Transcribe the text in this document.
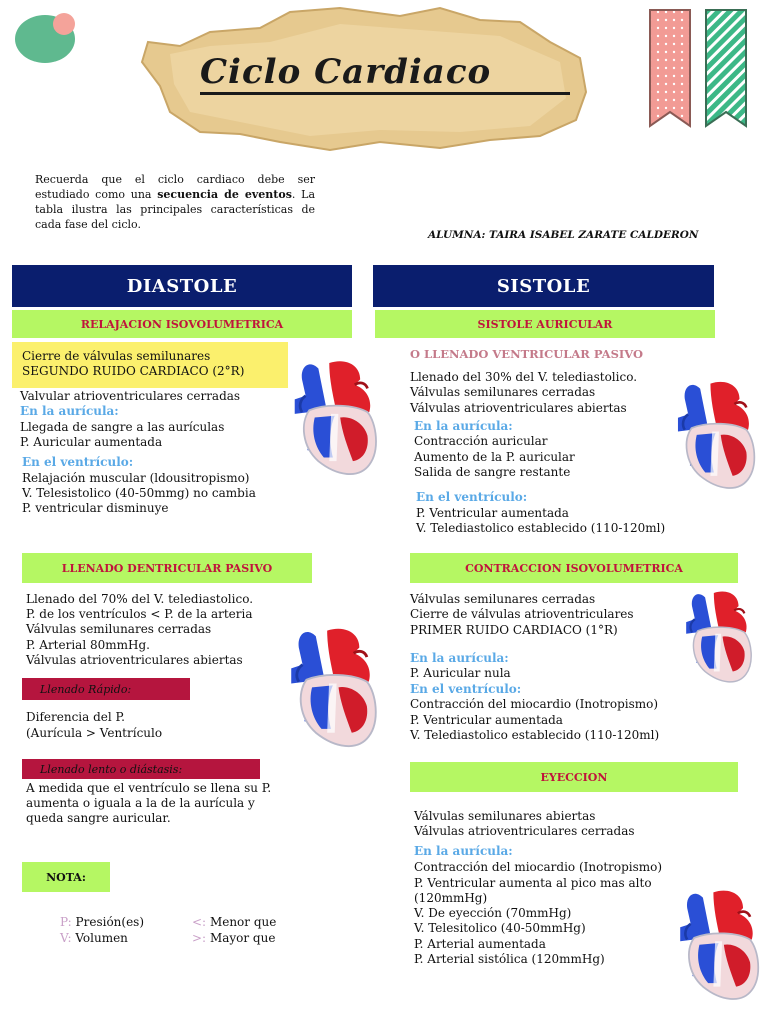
Ciclo Cardiaco
Recuerda que el ciclo cardiaco debe ser estudiado como una secuencia de eventos. La tabla ilustra las principales características de cada fase del ciclo.
ALUMNA: TAIRA ISABEL ZARATE CALDERON
DIASTOLE	SISTOLE
RELAJACION ISOVOLUMETRICA
Cierre de válvulas semilunares
SEGUNDO RUIDO CARDIACO (2°R)
Valvular atrioventriculares cerradas
En la aurícula:
Llegada de sangre a las aurículas
P. Auricular aumentada
En el ventrículo:
Relajación muscular (ldousitropismo)
V. Telesistolico (40-50mmg) no cambia
P. ventricular disminuye
LLENADO DENTRICULAR PASIVO
Llenado del 70% del V. telediastolico.
P. de los ventrículos < P. de la arteria
Válvulas semilunares cerradas
P. Arterial 80mmHg.
Válvulas atrioventriculares abiertas
Llenado Rápido:
Diferencia del P.
(Aurícula > Ventrículo
Llenado lento o diástasis:
A medida que el ventrículo se llena su P.
aumenta o iguala a la de la aurícula y
queda sangre auricular.
NOTA:
P: Presión(es)
V: Volumen
<: Menor que
>: Mayor que
SISTOLE AURICULAR
O LLENADO VENTRICULAR PASIVO
Llenado del 30% del V. telediastolico.
Válvulas semilunares cerradas
Válvulas atrioventriculares abiertas
En la aurícula:
Contracción auricular
Aumento de la P. auricular
Salida de sangre restante
En el ventrículo:
P. Ventricular aumentada
V. Telediastolico establecido (110-120ml)
CONTRACCION ISOVOLUMETRICA
Válvulas semilunares cerradas
Cierre de válvulas atrioventriculares
PRIMER RUIDO CARDIACO (1°R)
En la aurícula:
P. Auricular nula
En el ventrículo:
Contracción del miocardio (Inotropismo)
P. Ventricular aumentada
V. Telediastolico establecido (110-120ml)
EYECCION
Válvulas semilunares abiertas
Válvulas atrioventriculares cerradas
En la aurícula:
Contracción del miocardio (Inotropismo)
P. Ventricular aumenta al pico mas alto
(120mmHg)
V. De eyección (70mmHg)
V. Telesitolico (40-50mmHg)
P. Arterial aumentada
P. Arterial sistólica (120mmHg)
